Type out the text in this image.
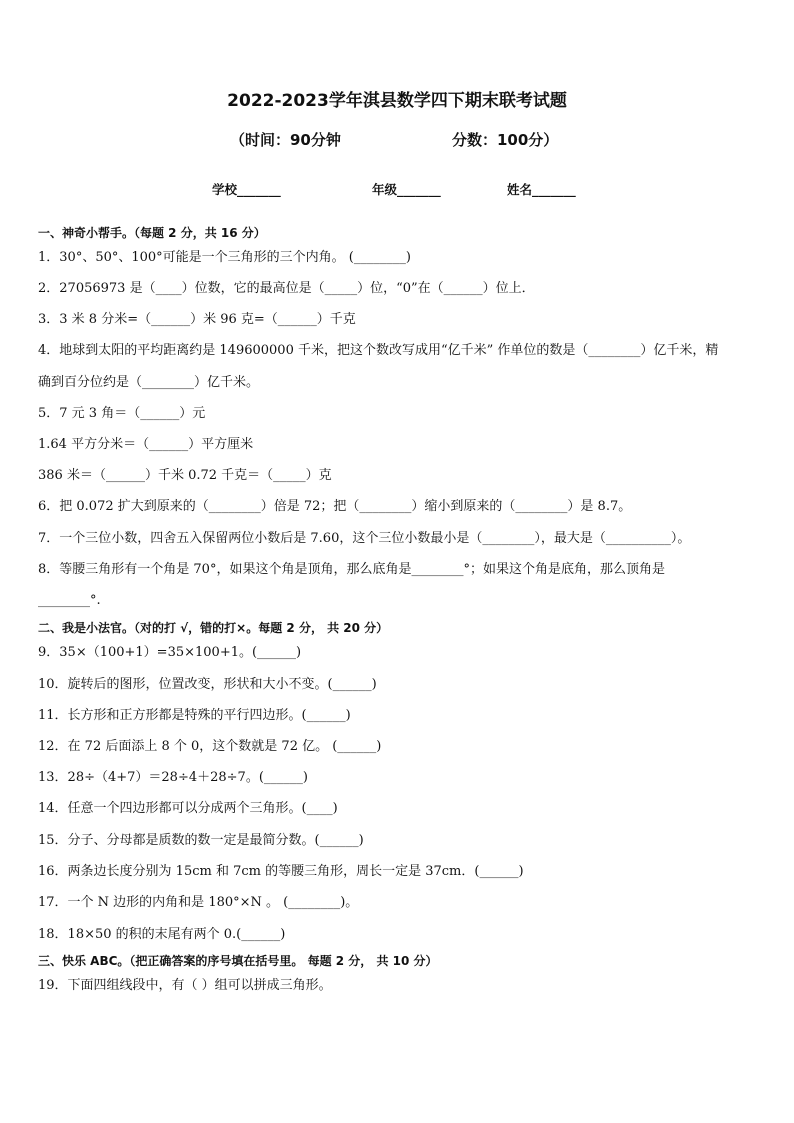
2022-2023学年淇县数学四下期末联考试题
（时间：90分钟	分数：100分）
学校_______	年级_______	姓名_______
一、神奇小帮手。（每题 2 分，共 16 分）
1．30°、50°、100°可能是一个三角形的三个内角。 (________)
2．27056973 是（____）位数，它的最高位是（_____）位，“0”在（______）位上．
3．3 米 8 分米=（______）米 96 克=（______）千克
4．地球到太阳的平均距离约是 149600000 千米，把这个数改写成用“亿千米” 作单位的数是（________）亿千米，精
确到百分位约是（________）亿千米。
5．7 元 3 角＝（______）元
1.64 平方分米＝（______）平方厘米
386 米＝（______）千米 0.72 千克＝（_____）克
6．把 0.072 扩大到原来的（________）倍是 72；把（________）缩小到原来的（________）是 8.7。
7．一个三位小数，四舍五入保留两位小数后是 7.60，这个三位小数最小是（________），最大是（__________）。
8．等腰三角形有一个角是 70°，如果这个角是顶角，那么底角是________°；如果这个角是底角，那么顶角是
________°.
二、我是小法官。（对的打 √，错的打×。每题 2 分， 共 20 分）
9．35×（100+1）=35×100+1。(______)
10．旋转后的图形，位置改变，形状和大小不变。(______)
11．长方形和正方形都是特殊的平行四边形。(______)
12．在 72 后面添上 8 个 0，这个数就是 72 亿。 (______)
13．28÷（4+7）＝28÷4＋28÷7。(______)
14．任意一个四边形都可以分成两个三角形。(____)
15．分子、分母都是质数的数一定是最简分数。(______)
16．两条边长度分别为 15cm 和 7cm 的等腰三角形，周长一定是 37cm．(______)
17．一个 N 边形的内角和是 180°×N 。 (________)。
18．18×50 的积的末尾有两个 0.(______)
三、快乐 ABC。（把正确答案的序号填在括号里。 每题 2 分， 共 10 分）
19．下面四组线段中，有（ ）组可以拼成三角形。
